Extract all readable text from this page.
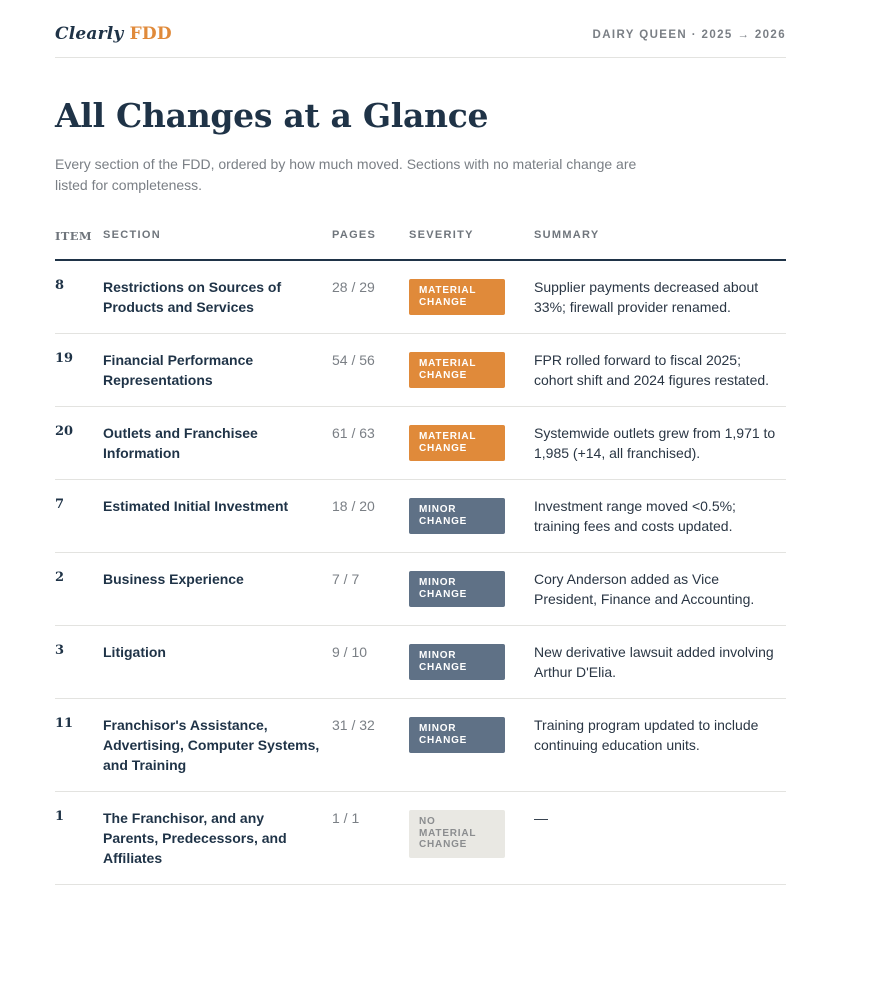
Clearly FDD	DAIRY QUEEN · 2025 → 2026
All Changes at a Glance

Every section of the FDD, ordered by how much moved. Sections with no material change are listed for completeness.

ITEM	SECTION	PAGES	SEVERITY	SUMMARY
8	Restrictions on Sources of Products and Services	28 / 29	MATERIAL CHANGE	Supplier payments decreased about 33%; firewall provider renamed.
19	Financial Performance Representations	54 / 56	MATERIAL CHANGE	FPR rolled forward to fiscal 2025; cohort shift and 2024 figures restated.
20	Outlets and Franchisee Information	61 / 63	MATERIAL CHANGE	Systemwide outlets grew from 1,971 to 1,985 (+14, all franchised).
7	Estimated Initial Investment	18 / 20	MINOR CHANGE	Investment range moved <0.5%; training fees and costs updated.
2	Business Experience	7 / 7	MINOR CHANGE	Cory Anderson added as Vice President, Finance and Accounting.
3	Litigation	9 / 10	MINOR CHANGE	New derivative lawsuit added involving Arthur D'Elia.
11	Franchisor's Assistance, Advertising, Computer Systems, and Training	31 / 32	MINOR CHANGE	Training program updated to include continuing education units.
1	The Franchisor, and any Parents, Predecessors, and Affiliates	1 / 1	NO MATERIAL CHANGE	—
